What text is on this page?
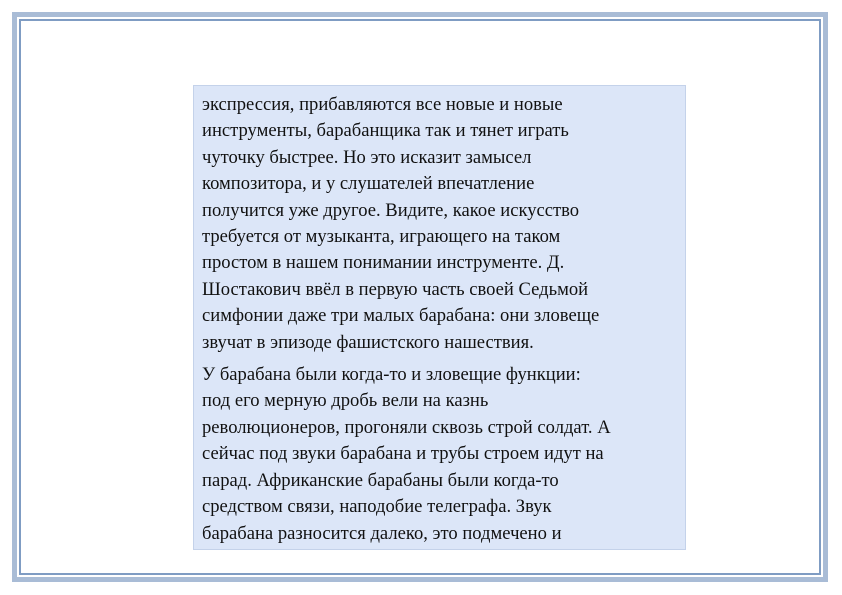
экспрессия, прибавляются все новые и новые
инструменты, барабанщика так и тянет играть
чуточку быстрее. Но это исказит замысел
композитора, и у слушателей впечатление
получится уже другое. Видите, какое искусство
требуется от музыканта, играющего на таком
простом в нашем понимании инструменте. Д.
Шостакович ввёл в первую часть своей Седьмой
симфонии даже три малых барабана: они зловеще
звучат в эпизоде фашистского нашествия.

У барабана были когда-то и зловещие функции:
под его мерную дробь вели на казнь
революционеров, прогоняли сквозь строй солдат. А
сейчас под звуки барабана и трубы строем идут на
парад. Африканские барабаны были когда-то
средством связи, наподобие телеграфа. Звук
барабана разносится далеко, это подмечено и
